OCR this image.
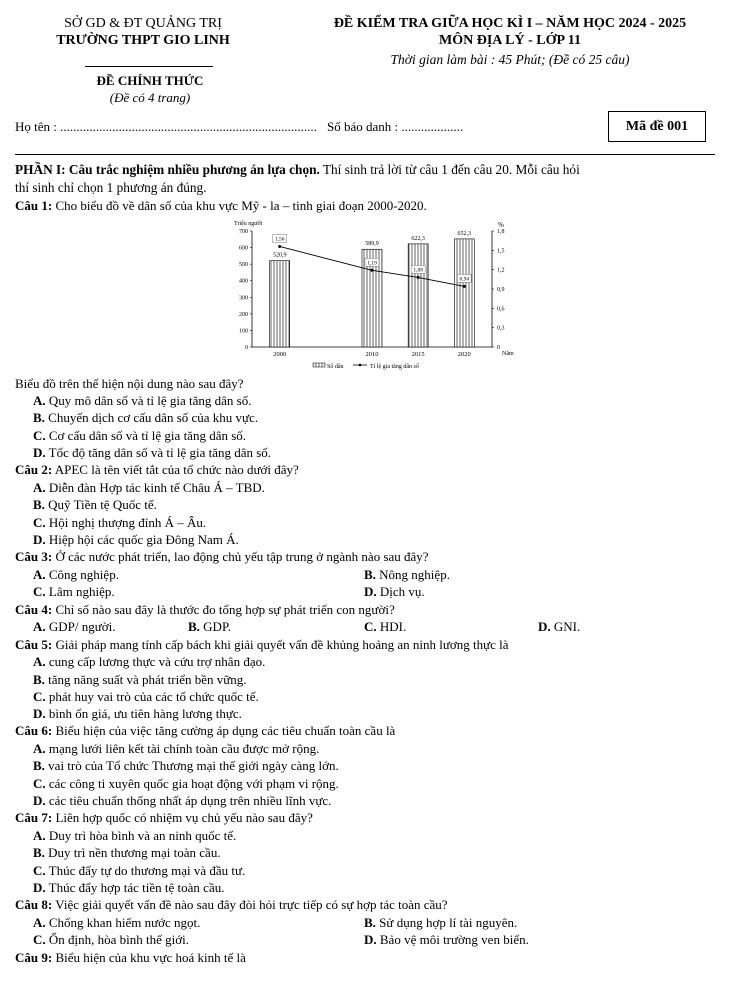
SỞ GD & ĐT QUẢNG TRỊ
TRƯỜNG THPT GIO LINH
ĐỀ CHÍNH THỨC
(Đề có 4 trang)
ĐỀ KIỂM TRA GIỮA HỌC KÌ I – NĂM HỌC 2024 - 2025
MÔN ĐỊA LÝ - LỚP 11
Thời gian làm bài : 45 Phút; (Đề có 25 câu)
Họ tên : ............................................................................... Số báo danh : ...................	Mã đề 001
PHẦN I: Câu trắc nghiệm nhiều phương án lựa chọn. Thí sinh trả lời từ câu 1 đến câu 20. Mỗi câu hỏi
thí sinh chỉ chọn 1 phương án đúng.
Câu 1: Cho biểu đồ về dân số của khu vực Mỹ - la – tinh giai đoạn 2000-2020.
Triệu người	%
0
100
200
300
400
500
600
700
0
0,3
0,6
0,9
1,2
1,5
1,8
2000	2010	2015	2020	Năm
520,9
589,9
622,3
652,3
1,56
1,19
1,08
0,94
Số dân	Tỉ lệ gia tăng dân số
Biểu đồ trên thể hiện nội dung nào sau đây?
A. Quy mô dân số và tỉ lệ gia tăng dân số.
B. Chuyển dịch cơ cấu dân số của khu vực.
C. Cơ cấu dân số và tỉ lệ gia tăng dân số.
D. Tốc độ tăng dân số và tỉ lệ gia tăng dân số.
Câu 2: APEC là tên viết tắt của tổ chức nào dưới đây?
A. Diễn đàn Hợp tác kinh tế Châu Á – TBD.
B. Quỹ Tiền tệ Quốc tế.
C. Hội nghị thượng đỉnh Á – Âu.
D. Hiệp hội các quốc gia Đông Nam Á.
Câu 3: Ở các nước phát triển, lao động chủ yếu tập trung ở ngành nào sau đây?
A. Công nghiệp.	B. Nông nghiệp.
C. Lâm nghiệp.	D. Dịch vụ.
Câu 4: Chỉ số nào sau đây là thước đo tổng hợp sự phát triển con người?
A. GDP/ người.	B. GDP.	C. HDI.	D. GNI.
Câu 5: Giải pháp mang tính cấp bách khi giải quyết vấn đề khủng hoảng an ninh lương thực là
A. cung cấp lương thực và cứu trợ nhân đạo.
B. tăng năng suất và phát triển bền vững.
C. phát huy vai trò của các tổ chức quốc tế.
D. bình ổn giá, ưu tiên hàng lương thực.
Câu 6: Biểu hiện của việc tăng cường áp dụng các tiêu chuẩn toàn cầu là
A. mạng lưới liên kết tài chính toàn cầu được mở rộng.
B. vai trò của Tổ chức Thương mại thế giới ngày càng lớn.
C. các công ti xuyên quốc gia hoạt động với phạm vi rộng.
D. các tiêu chuẩn thống nhất áp dụng trên nhiều lĩnh vực.
Câu 7: Liên hợp quốc có nhiệm vụ chủ yếu nào sau đây?
A. Duy trì hòa bình và an ninh quốc tế.
B. Duy trì nền thương mại toàn cầu.
C. Thúc đẩy tự do thương mại và đầu tư.
D. Thúc đẩy hợp tác tiền tệ toàn cầu.
Câu 8: Việc giải quyết vấn đề nào sau đây đòi hỏi trực tiếp có sự hợp tác toàn cầu?
A. Chống khan hiếm nước ngọt.	B. Sử dụng hợp lí tài nguyên.
C. Ổn định, hòa bình thế giới.	D. Bảo vệ môi trường ven biển.
Câu 9: Biểu hiện của khu vực hoá kinh tế là
